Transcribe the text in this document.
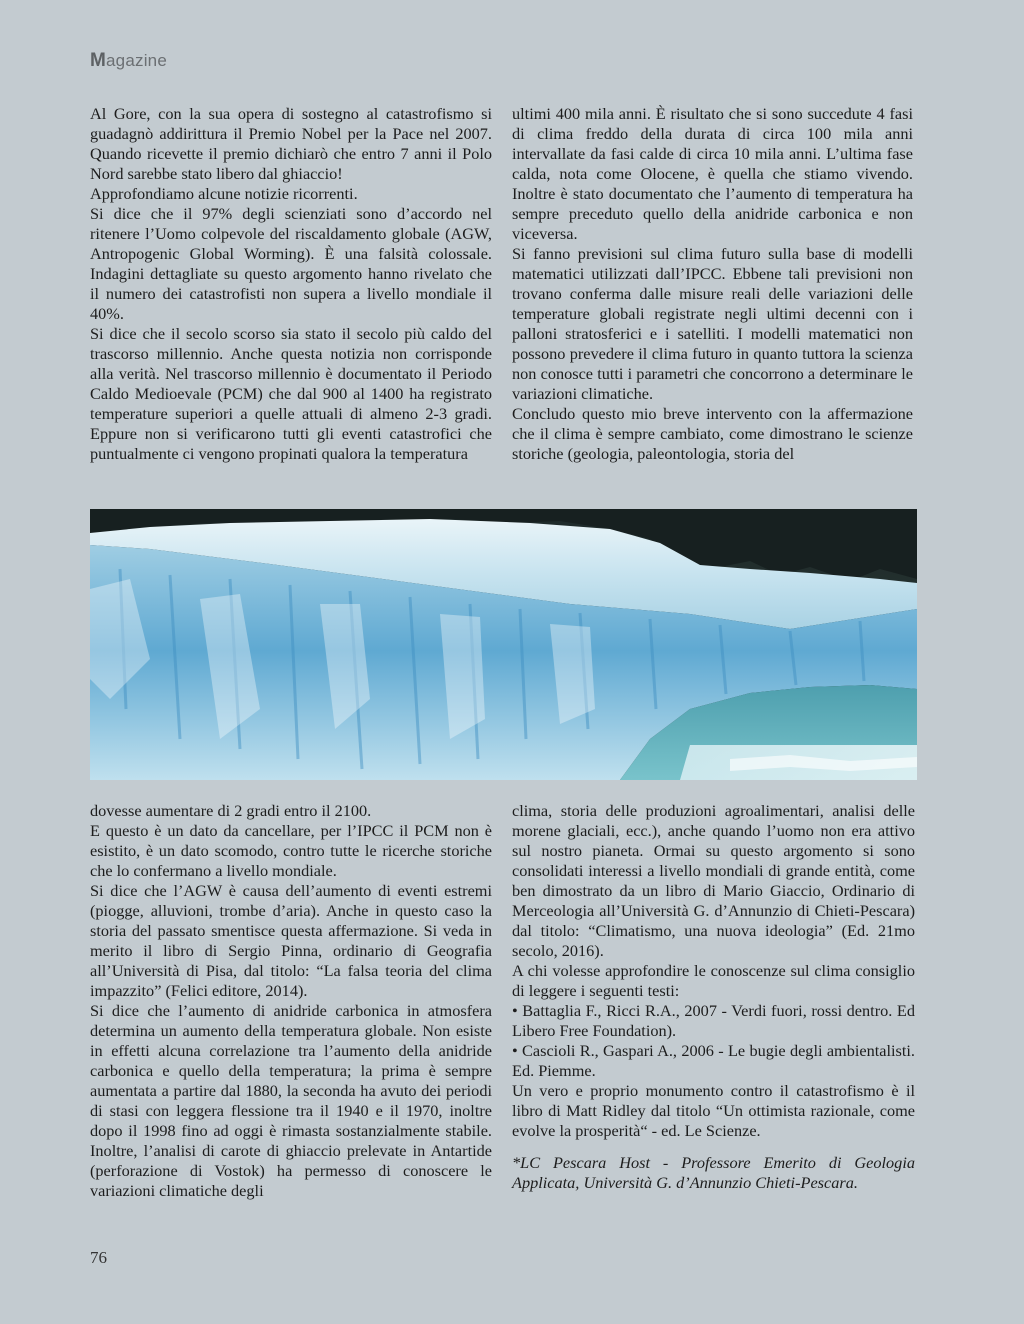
Magazine

Al Gore, con la sua opera di sostegno al catastrofismo si guadagnò addirittura il Premio Nobel per la Pace nel 2007. Quando ricevette il premio dichiarò che entro 7 anni il Polo Nord sarebbe stato libero dal ghiaccio!

Approfondiamo alcune notizie ricorrenti.

Si dice che il 97% degli scienziati sono d’accordo nel ritenere l’Uomo colpevole del riscaldamento globale (AGW, Antropogenic Global Worming). È una falsità colossale. Indagini dettagliate su questo argomento hanno rivelato che il numero dei catastrofisti non supera a livello mondiale il 40%.

Si dice che il secolo scorso sia stato il secolo più caldo del trascorso millennio. Anche questa notizia non corrisponde alla verità. Nel trascorso millennio è documentato il Periodo Caldo Medioevale (PCM) che dal 900 al 1400 ha registrato temperature superiori a quelle attuali di almeno 2-3 gradi. Eppure non si verificarono tutti gli eventi catastrofici che puntualmente ci vengono propinati qualora la temperatura

ultimi 400 mila anni. È risultato che si sono succedute 4 fasi di clima freddo della durata di circa 100 mila anni intervallate da fasi calde di circa 10 mila anni. L’ultima fase calda, nota come Olocene, è quella che stiamo vivendo. Inoltre è stato documentato che l’aumento di temperatura ha sempre preceduto quello della anidride carbonica e non viceversa.

Si fanno previsioni sul clima futuro sulla base di modelli matematici utilizzati dall’IPCC. Ebbene tali previsioni non trovano conferma dalle misure reali delle variazioni delle temperature globali registrate negli ultimi decenni con i palloni stratosferici e i satelliti. I modelli matematici non possono prevedere il clima futuro in quanto tuttora la scienza non conosce tutti i parametri che concorrono a determinare le variazioni climatiche.

Concludo questo mio breve intervento con la affermazione che il clima è sempre cambiato, come dimostrano le scienze storiche (geologia, paleontologia, storia del

dovesse aumentare di 2 gradi entro il 2100.

E questo è un dato da cancellare, per l’IPCC il PCM non è esistito, è un dato scomodo, contro tutte le ricerche storiche che lo confermano a livello mondiale.

Si dice che l’AGW è causa dell’aumento di eventi estremi (piogge, alluvioni, trombe d’aria). Anche in questo caso la storia del passato smentisce questa affermazione. Si veda in merito il libro di Sergio Pinna, ordinario di Geografia all’Università di Pisa, dal titolo: “La falsa teoria del clima impazzito” (Felici editore, 2014).

Si dice che l’aumento di anidride carbonica in atmosfera determina un aumento della temperatura globale. Non esiste in effetti alcuna correlazione tra l’aumento della anidride carbonica e quello della temperatura; la prima è sempre aumentata a partire dal 1880, la seconda ha avuto dei periodi di stasi con leggera flessione tra il 1940 e il 1970, inoltre dopo il 1998 fino ad oggi è rimasta sostanzialmente stabile. Inoltre, l’analisi di carote di ghiaccio prelevate in Antartide (perforazione di Vostok) ha permesso di conoscere le variazioni climatiche degli

clima, storia delle produzioni agroalimentari, analisi delle morene glaciali, ecc.), anche quando l’uomo non era attivo sul nostro pianeta. Ormai su questo argomento si sono consolidati interessi a livello mondiali di grande entità, come ben dimostrato da un libro di Mario Giaccio, Ordinario di Merceologia all’Università G. d’Annunzio di Chieti-Pescara) dal titolo: “Climatismo, una nuova ideologia” (Ed. 21mo secolo, 2016).

A chi volesse approfondire le conoscenze sul clima consiglio di leggere i seguenti testi:

• Battaglia F., Ricci R.A., 2007 - Verdi fuori, rossi dentro. Ed Libero Free Foundation).

• Cascioli R., Gaspari A., 2006 - Le bugie degli ambientalisti. Ed. Piemme.

Un vero e proprio monumento contro il catastrofismo è il libro di Matt Ridley dal titolo “Un ottimista razionale, come evolve la prosperità“ - ed. Le Scienze.

*LC Pescara Host - Professore Emerito di Geologia Applicata, Università G. d’Annunzio Chieti-Pescara.

76
